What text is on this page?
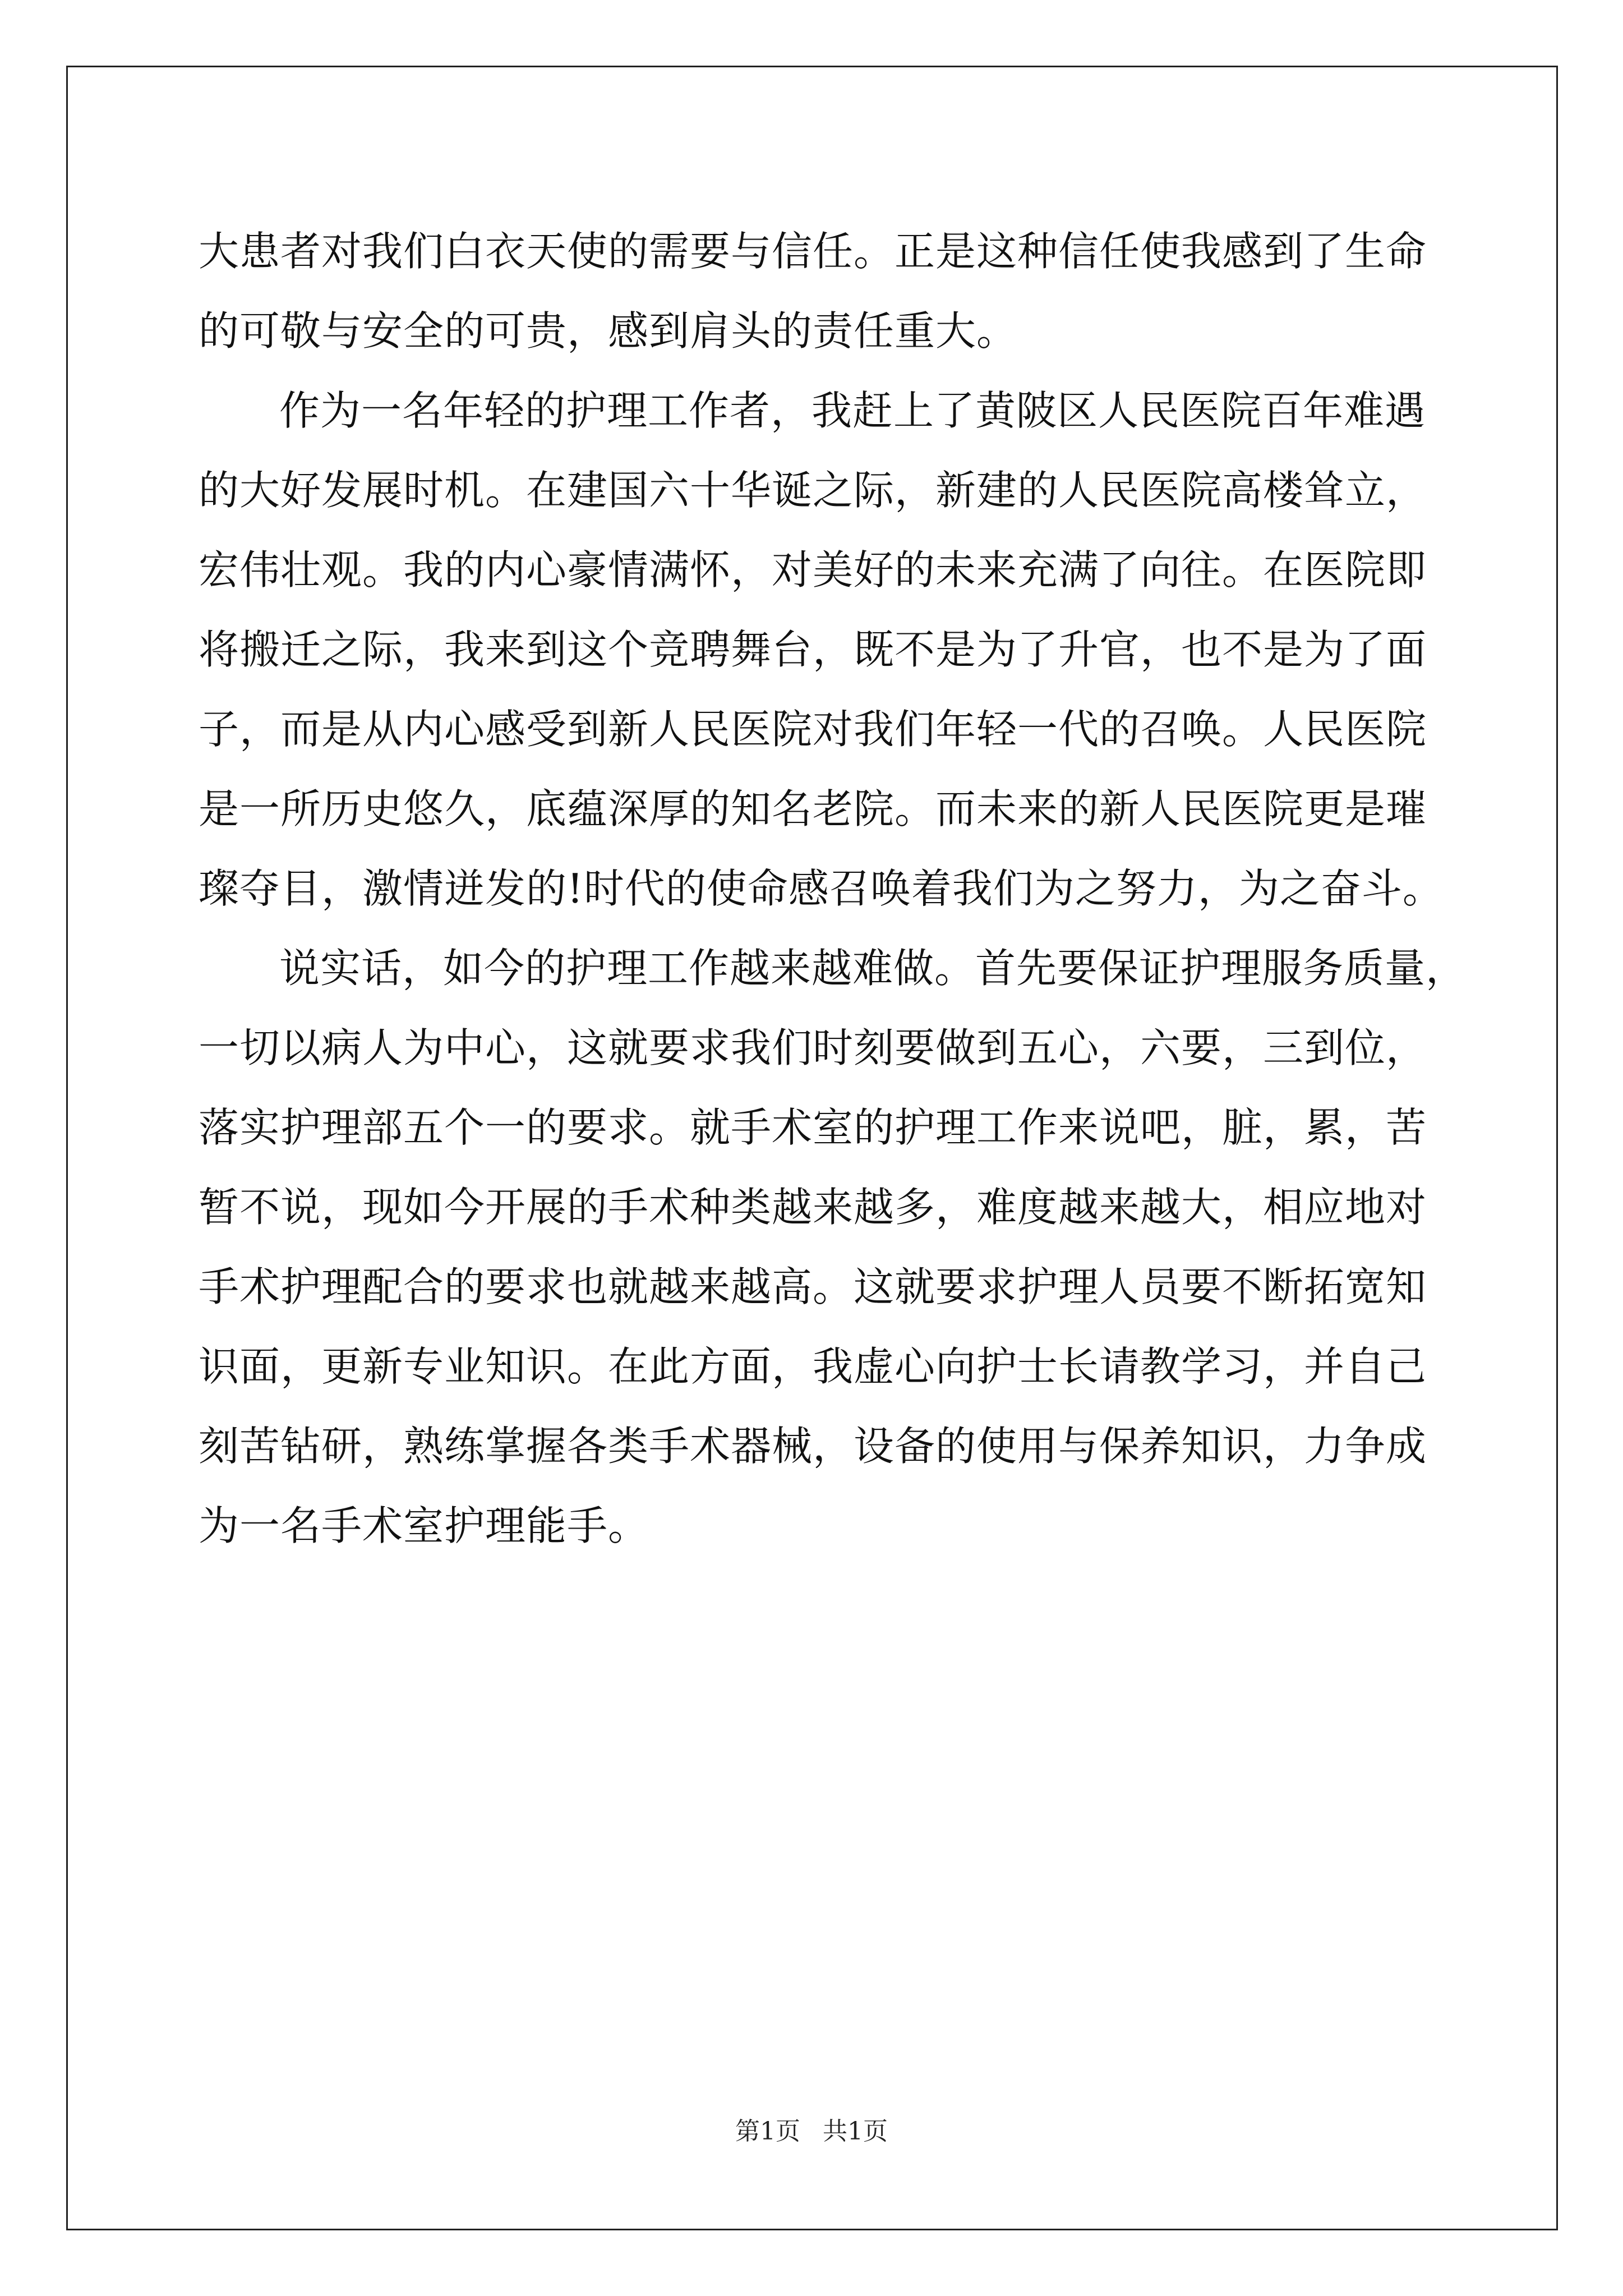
大患者对我们白衣天使的需要与信任。正是这种信任使我感到了生命
的可敬与安全的可贵，感到肩头的责任重大。
作为一名年轻的护理工作者，我赶上了黄陂区人民医院百年难遇
的大好发展时机。在建国六十华诞之际，新建的人民医院高楼耸立，
宏伟壮观。我的内心豪情满怀，对美好的未来充满了向往。在医院即
将搬迁之际，我来到这个竞聘舞台，既不是为了升官，也不是为了面
子，而是从内心感受到新人民医院对我们年轻一代的召唤。人民医院
是一所历史悠久，底蕴深厚的知名老院。而未来的新人民医院更是璀
璨夺目，激情迸发的!时代的使命感召唤着我们为之努力，为之奋斗。
说实话，如今的护理工作越来越难做。首先要保证护理服务质量，
一切以病人为中心，这就要求我们时刻要做到五心，六要，三到位，
落实护理部五个一的要求。就手术室的护理工作来说吧，脏，累，苦
暂不说，现如今开展的手术种类越来越多，难度越来越大，相应地对
手术护理配合的要求也就越来越高。这就要求护理人员要不断拓宽知
识面，更新专业知识。在此方面，我虚心向护士长请教学习，并自己
刻苦钻研，熟练掌握各类手术器械，设备的使用与保养知识，力争成
为一名手术室护理能手。
第1页 共1页
